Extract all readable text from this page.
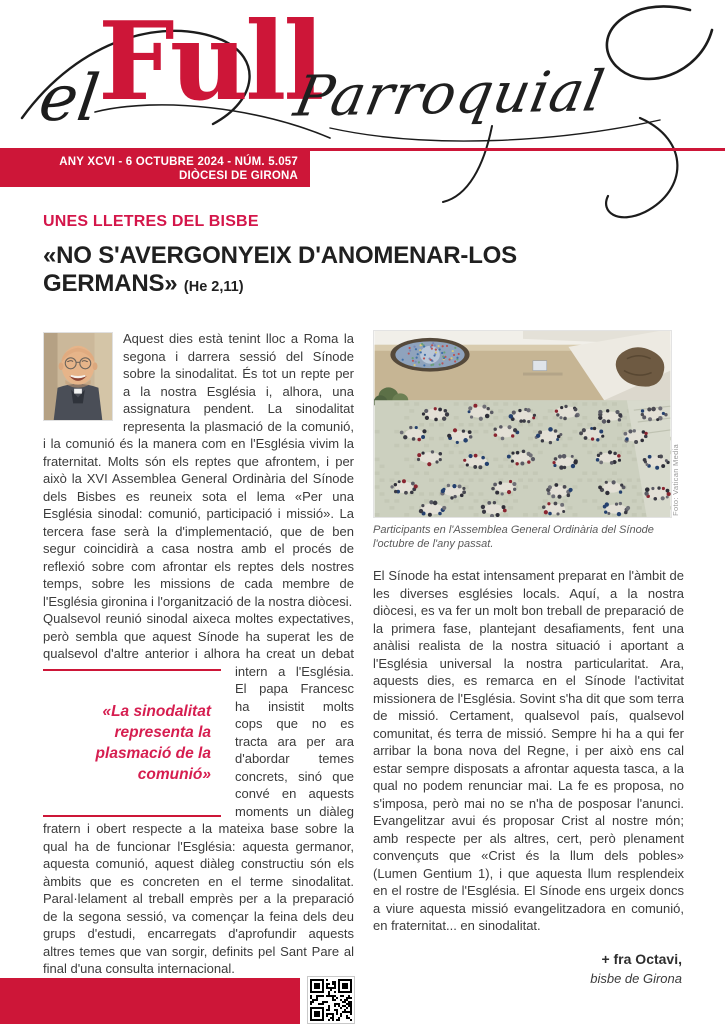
el
Full
Parroquial
ANY XCVI - 6 OCTUBRE 2024 - NÚM. 5.057
DIÒCESI DE GIRONA
UNES LLETRES DEL BISBE
«NO S'AVERGONYEIX D'ANOMENAR-LOS GERMANS» (He 2,11)

Aquest dies està tenint lloc a Roma la segona i darrera sessió del Sínode sobre la sinodalitat. És tot un repte per a la nostra Església i, alhora, una assignatura pendent. La sinodalitat representa la plasmació de la comunió, i la comunió és la manera com en l'Església vivim la fraternitat. Molts són els reptes que afrontem, i per això la XVI Assemblea General Ordinària del Sínode dels Bisbes es reuneix sota el lema «Per una Església sinodal: comunió, participació i missió». La tercera fase serà la d'implementació, que de ben segur coincidirà a casa nostra amb el procés de reflexió sobre com afrontar els reptes dels nostres temps, sobre les missions de cada membre de l'Església gironina i l'organització de la nostra diòcesi.

Qualsevol reunió sinodal aixeca moltes expectatives, però sembla que aquest Sínode ha superat les de qualsevol d'altre anterior i alhora ha creat
«La sinodalitat representa la plasmació de la comunió»
un debat intern a l'Església. El papa Francesc ha insistit molts cops que no es tracta ara per ara d'abordar temes concrets, sinó que convé en aquests moments un diàleg fratern i obert respecte a la mateixa base sobre la qual ha de funcionar l'Església: aquesta germanor, aquesta comunió, aquest diàleg constructiu són els àmbits que es concreten en el terme sinodalitat. Paral·lelament al treball emprès per a la preparació de la segona sessió, va començar la feina dels deu grups d'estudi, encarregats d'aprofundir aquests altres temes que van sorgir, definits pel Sant Pare al final d'una consulta internacional.

Foto: Vatican Media
Participants en l'Assemblea General Ordinària del Sínode l'octubre de l'any passat.

El Sínode ha estat intensament preparat en l'àmbit de les diverses esglésies locals. Aquí, a la nostra diòcesi, es va fer un molt bon treball de preparació de la primera fase, plantejant desafiaments, fent una anàlisi realista de la nostra situació i aportant a l'Església universal la nostra particularitat. Ara, aquests dies, es remarca en el Sínode l'activitat missionera de l'Església. Sovint s'ha dit que som terra de missió. Certament, qualsevol país, qualsevol comunitat, és terra de missió. Sempre hi ha a qui fer arribar la bona nova del Regne, i per això ens cal estar sempre disposats a afrontar aquesta tasca, a la qual no podem renunciar mai. La fe es proposa, no s'imposa, però mai no se n'ha de posposar l'anunci. Evangelitzar avui és proposar Crist al nostre món; amb respecte per als altres, cert, però plenament convençuts que «Crist és la llum dels pobles» (Lumen Gentium 1), i que aquesta llum resplendeix en el rostre de l'Església. El Sínode ens urgeix doncs a viure aquesta missió evangelitzadora en comunió, en fraternitat... en sinodalitat.

+ fra Octavi,
bisbe de Girona
